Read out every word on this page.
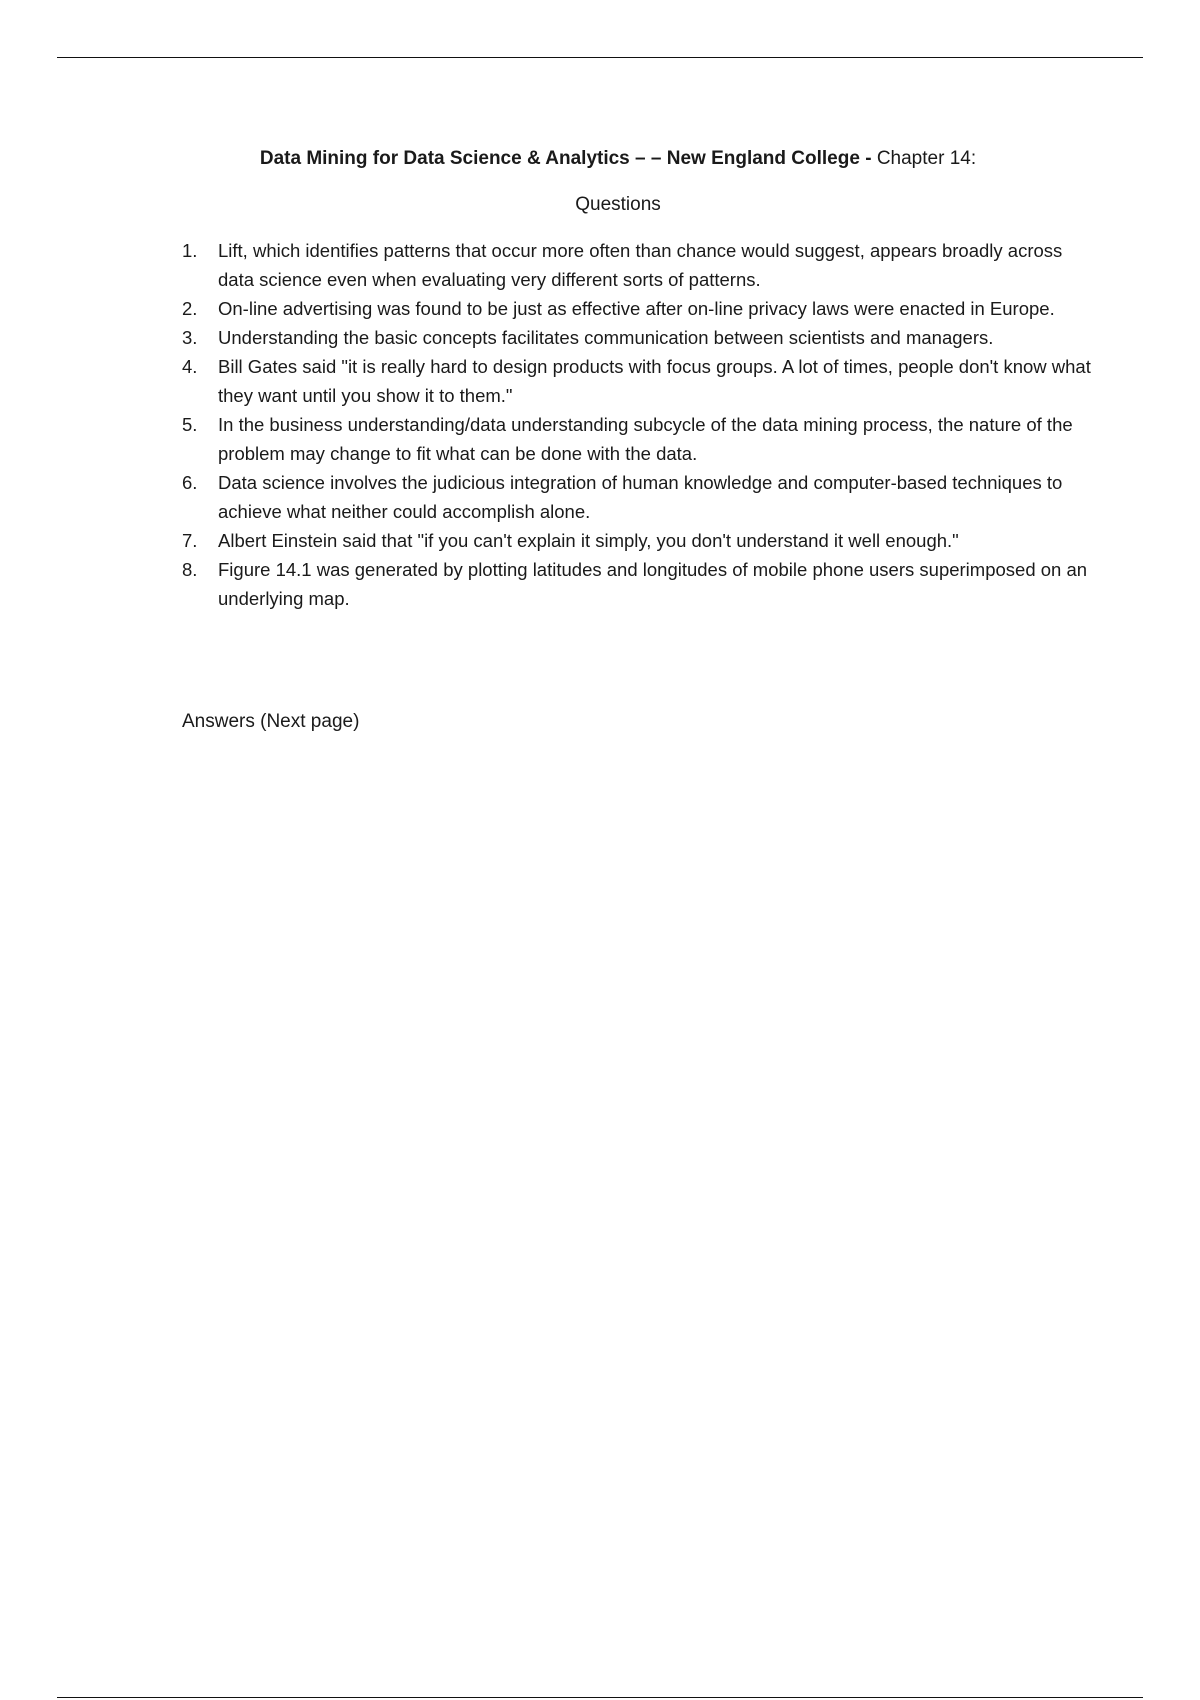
Data Mining for Data Science & Analytics – – New England College - Chapter 14:
Questions
1. Lift, which identifies patterns that occur more often than chance would suggest, appears broadly across data science even when evaluating very different sorts of patterns.
2. On-line advertising was found to be just as effective after on-line privacy laws were enacted in Europe.
3. Understanding the basic concepts facilitates communication between scientists and managers.
4. Bill Gates said "it is really hard to design products with focus groups. A lot of times, people don't know what they want until you show it to them."
5. In the business understanding/data understanding subcycle of the data mining process, the nature of the problem may change to fit what can be done with the data.
6. Data science involves the judicious integration of human knowledge and computer-based techniques to achieve what neither could accomplish alone.
7. Albert Einstein said that "if you can't explain it simply, you don't understand it well enough."
8. Figure 14.1 was generated by plotting latitudes and longitudes of mobile phone users superimposed on an underlying map.
Answers (Next page)
